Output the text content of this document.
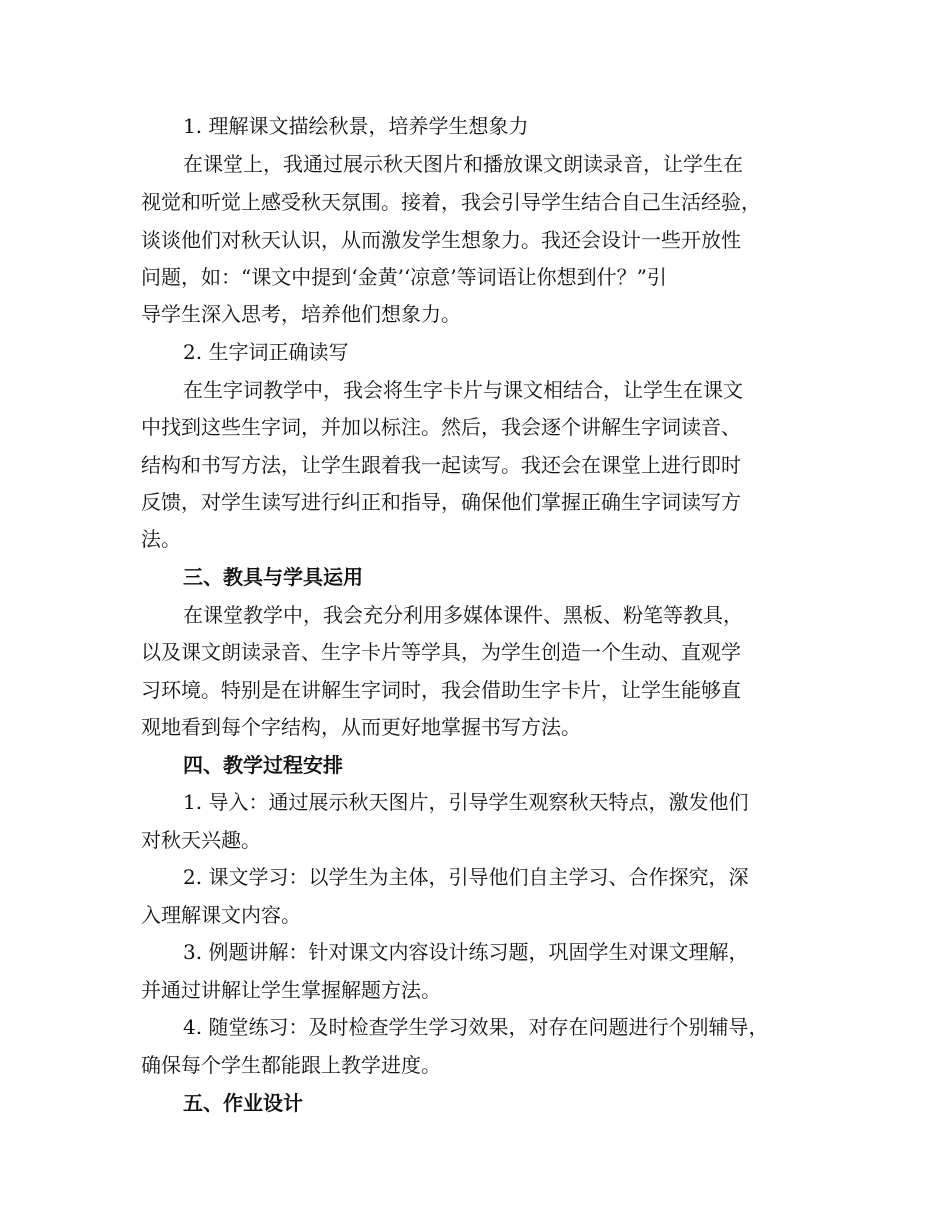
1. 理解课文描绘秋景，培养学生想象力
在课堂上，我通过展示秋天图片和播放课文朗读录音，让学生在
视觉和听觉上感受秋天氛围。接着，我会引导学生结合自己生活经验，
谈谈他们对秋天认识，从而激发学生想象力。我还会设计一些开放性
问题，如：“课文中提到‘金黄’‘凉意’等词语让你想到什？”引
导学生深入思考，培养他们想象力。
2. 生字词正确读写
在生字词教学中，我会将生字卡片与课文相结合，让学生在课文
中找到这些生字词，并加以标注。然后，我会逐个讲解生字词读音、
结构和书写方法，让学生跟着我一起读写。我还会在课堂上进行即时
反馈，对学生读写进行纠正和指导，确保他们掌握正确生字词读写方
法。
三、教具与学具运用
在课堂教学中，我会充分利用多媒体课件、黑板、粉笔等教具，
以及课文朗读录音、生字卡片等学具，为学生创造一个生动、直观学
习环境。特别是在讲解生字词时，我会借助生字卡片，让学生能够直
观地看到每个字结构，从而更好地掌握书写方法。
四、教学过程安排
1. 导入：通过展示秋天图片，引导学生观察秋天特点，激发他们
对秋天兴趣。
2. 课文学习：以学生为主体，引导他们自主学习、合作探究，深
入理解课文内容。
3. 例题讲解：针对课文内容设计练习题，巩固学生对课文理解，
并通过讲解让学生掌握解题方法。
4. 随堂练习：及时检查学生学习效果，对存在问题进行个别辅导，
确保每个学生都能跟上教学进度。
五、作业设计
